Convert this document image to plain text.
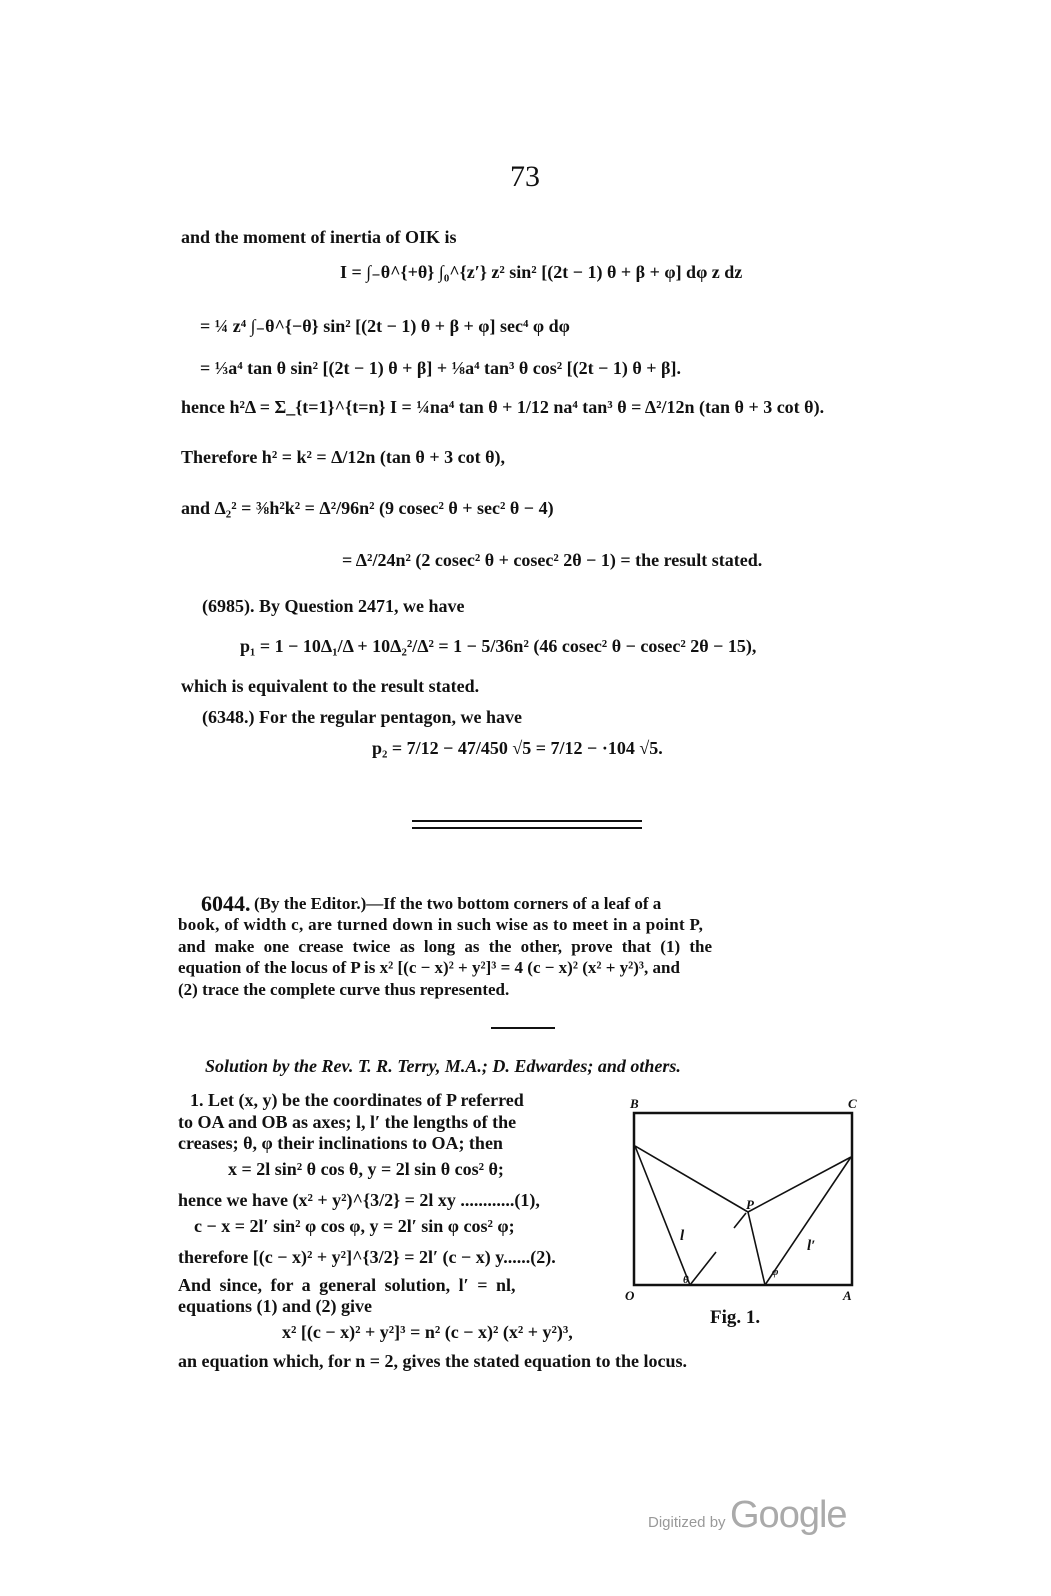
73
and the moment of inertia of OIK is
I = ∫₋θ^{+θ} ∫₀^{z′} z² sin² [(2t − 1) θ + β + φ] dφ z dz
= ¼ z⁴ ∫₋θ^{−θ} sin² [(2t − 1) θ + β + φ] sec⁴ φ dφ
= ⅓a⁴ tan θ sin² [(2t − 1) θ + β] + ⅛a⁴ tan³ θ cos² [(2t − 1) θ + β].
hence h²Δ = Σ_{t=1}^{t=n} I = ¼na⁴ tan θ + 1/12 na⁴ tan³ θ = Δ²/12n (tan θ + 3 cot θ).
Therefore h² = k² = Δ/12n (tan θ + 3 cot θ),
and Δ₂² = ⅜h²k² = Δ²/96n² (9 cosec² θ + sec² θ − 4)
= Δ²/24n² (2 cosec² θ + cosec² 2θ − 1) = the result stated.
(6985). By Question 2471, we have
p₁ = 1 − 10Δ₁/Δ + 10Δ₂²/Δ² = 1 − 5/36n² (46 cosec² θ − cosec² 2θ − 15),
which is equivalent to the result stated.
(6348.) For the regular pentagon, we have
p₂ = 7/12 − 47/450 √5 = 7/12 − ·104 √5.
6044. (By the Editor.)—If the two bottom corners of a leaf of a
book, of width c, are turned down in such wise as to meet in a point P,
and make one crease twice as long as the other, prove that (1) the
equation of the locus of P is x² [(c − x)² + y²]³ = 4 (c − x)² (x² + y²)³, and
(2) trace the complete curve thus represented.
Solution by the Rev. T. R. Terry, M.A.; D. Edwardes; and others.
1. Let (x, y) be the coordinates of P referred
to OA and OB as axes; l, l′ the lengths of the
creases; θ, φ their inclinations to OA; then
x = 2l sin² θ cos θ, y = 2l sin θ cos² θ;
hence we have (x² + y²)^{3/2} = 2l xy ............(1),
c − x = 2l′ sin² φ cos φ, y = 2l′ sin φ cos² φ;
therefore [(c − x)² + y²]^{3/2} = 2l′ (c − x) y......(2).
And since, for a general solution, l′ = nl,
equations (1) and (2) give
x² [(c − x)² + y²]³ = n² (c − x)² (x² + y²)³,
an equation which, for n = 2, gives the stated equation to the locus.
B	C
O	A
P
l
l′
θ
φ
Fig. 1.
Digitized by Google
